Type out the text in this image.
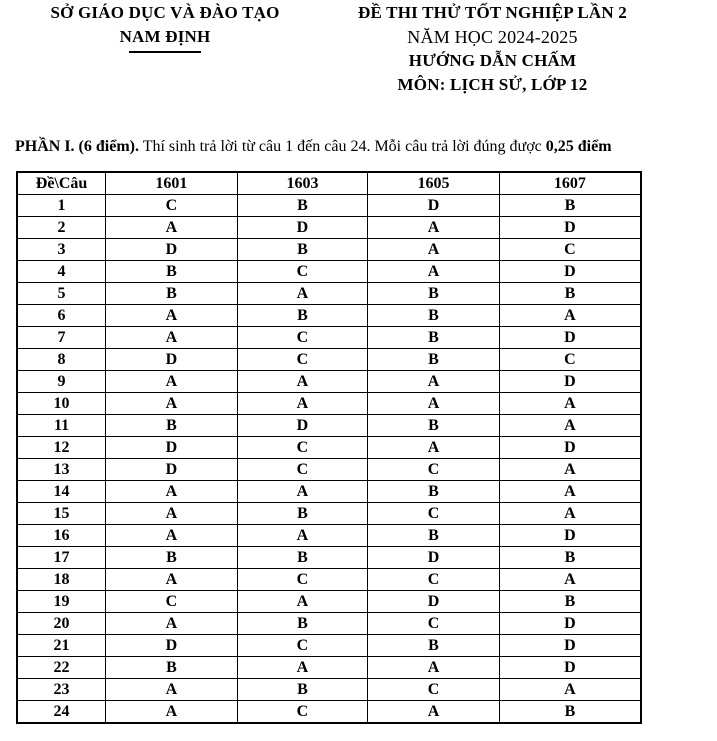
SỞ GIÁO DỤC VÀ ĐÀO TẠO
NAM ĐỊNH
ĐỀ THI THỬ TỐT NGHIỆP LẦN 2
NĂM HỌC 2024-2025
HƯỚNG DẪN CHẤM
MÔN: LỊCH SỬ, LỚP 12

PHẦN I. (6 điểm). Thí sinh trả lời từ câu 1 đến câu 24. Mỗi câu trả lời đúng được 0,25 điểm

Đề\Câu	1601	1603	1605	1607
1	C	B	D	B
2	A	D	A	D
3	D	B	A	C
4	B	C	A	D
5	B	A	B	B
6	A	B	B	A
7	A	C	B	D
8	D	C	B	C
9	A	A	A	D
10	A	A	A	A
11	B	D	B	A
12	D	C	A	D
13	D	C	C	A
14	A	A	B	A
15	A	B	C	A
16	A	A	B	D
17	B	B	D	B
18	A	C	C	A
19	C	A	D	B
20	A	B	C	D
21	D	C	B	D
22	B	A	A	D
23	A	B	C	A
24	A	C	A	B
